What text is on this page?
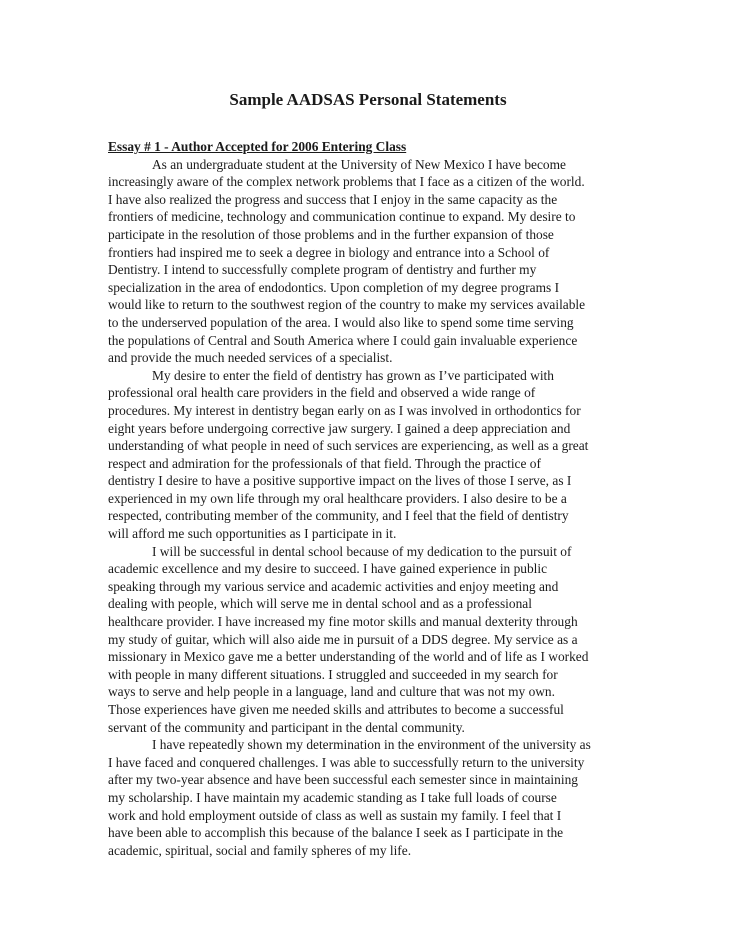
Sample AADSAS Personal Statements
Essay # 1 - Author Accepted for 2006 Entering Class
As an undergraduate student at the University of New Mexico I have become
increasingly aware of the complex network problems that I face as a citizen of the world.
I have also realized the progress and success that I enjoy in the same capacity as the
frontiers of medicine, technology and communication continue to expand. My desire to
participate in the resolution of those problems and in the further expansion of those
frontiers had inspired me to seek a degree in biology and entrance into a School of
Dentistry. I intend to successfully complete program of dentistry and further my
specialization in the area of endodontics. Upon completion of my degree programs I
would like to return to the southwest region of the country to make my services available
to the underserved population of the area. I would also like to spend some time serving
the populations of Central and South America where I could gain invaluable experience
and provide the much needed services of a specialist.
My desire to enter the field of dentistry has grown as I’ve participated with
professional oral health care providers in the field and observed a wide range of
procedures. My interest in dentistry began early on as I was involved in orthodontics for
eight years before undergoing corrective jaw surgery. I gained a deep appreciation and
understanding of what people in need of such services are experiencing, as well as a great
respect and admiration for the professionals of that field. Through the practice of
dentistry I desire to have a positive supportive impact on the lives of those I serve, as I
experienced in my own life through my oral healthcare providers. I also desire to be a
respected, contributing member of the community, and I feel that the field of dentistry
will afford me such opportunities as I participate in it.
I will be successful in dental school because of my dedication to the pursuit of
academic excellence and my desire to succeed. I have gained experience in public
speaking through my various service and academic activities and enjoy meeting and
dealing with people, which will serve me in dental school and as a professional
healthcare provider. I have increased my fine motor skills and manual dexterity through
my study of guitar, which will also aide me in pursuit of a DDS degree. My service as a
missionary in Mexico gave me a better understanding of the world and of life as I worked
with people in many different situations. I struggled and succeeded in my search for
ways to serve and help people in a language, land and culture that was not my own.
Those experiences have given me needed skills and attributes to become a successful
servant of the community and participant in the dental community.
I have repeatedly shown my determination in the environment of the university as
I have faced and conquered challenges. I was able to successfully return to the university
after my two-year absence and have been successful each semester since in maintaining
my scholarship. I have maintain my academic standing as I take full loads of course
work and hold employment outside of class as well as sustain my family. I feel that I
have been able to accomplish this because of the balance I seek as I participate in the
academic, spiritual, social and family spheres of my life.
